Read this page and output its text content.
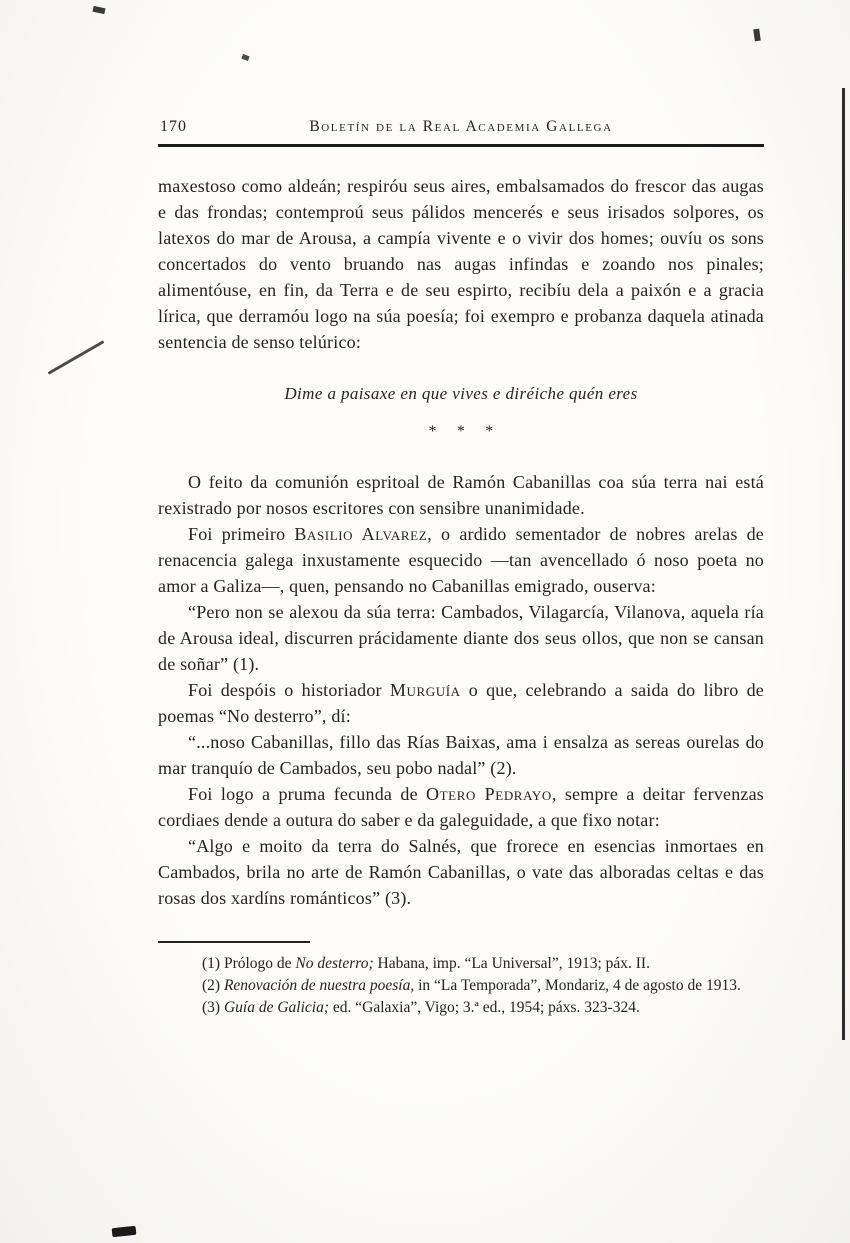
170	Boletín de la Real Academia Gallega

maxestoso como aldeán; respiróu seus aires, embalsamados do frescor das augas e das frondas; contemproú seus pálidos mencerés e seus irisados solpores, os latexos do mar de Arousa, a campía vivente e o vivir dos homes; ouvíu os sons concertados do vento bruando nas augas infindas e zoando nos pinales; alimentóuse, en fin, da Terra e de seu espirto, recibíu dela a paixón e a gracia lírica, que derramóu logo na súa poesía; foi exempro e probanza daquela atinada sentencia de senso telúrico:

Dime a paisaxe en que vives e diréiche quén eres
* * *

O feito da comunión espritoal de Ramón Cabanillas coa súa terra nai está rexistrado por nosos escritores con sensibre unanimidade.

Foi primeiro Basilio Alvarez, o ardido sementador de nobres arelas de renacencia galega inxustamente esquecido —tan avencellado ó noso poeta no amor a Galiza—, quen, pensando no Cabanillas emigrado, ouserva:

“Pero non se alexou da súa terra: Cambados, Vilagarcía, Vilanova, aquela ría de Arousa ideal, discurren prácidamente diante dos seus ollos, que non se cansan de soñar” (1).

Foi despóis o historiador Murguía o que, celebrando a saida do libro de poemas “No desterro”, dí:

“...noso Cabanillas, fillo das Rías Baixas, ama i ensalza as sereas ourelas do mar tranquío de Cambados, seu pobo nadal” (2).

Foi logo a pruma fecunda de Otero Pedrayo, sempre a deitar fervenzas cordiaes dende a outura do saber e da galeguidade, a que fixo notar:

“Algo e moito da terra do Salnés, que frorece en esencias inmortaes en Cambados, brila no arte de Ramón Cabanillas, o vate das alboradas celtas e das rosas dos xardíns románticos” (3).

(1) Prólogo de No desterro; Habana, imp. “La Universal”, 1913; páx. II.

(2) Renovación de nuestra poesía, in “La Temporada”, Mondariz, 4 de agosto de 1913.

(3) Guía de Galicia; ed. “Galaxia”, Vigo; 3.ª ed., 1954; páxs. 323-324.
